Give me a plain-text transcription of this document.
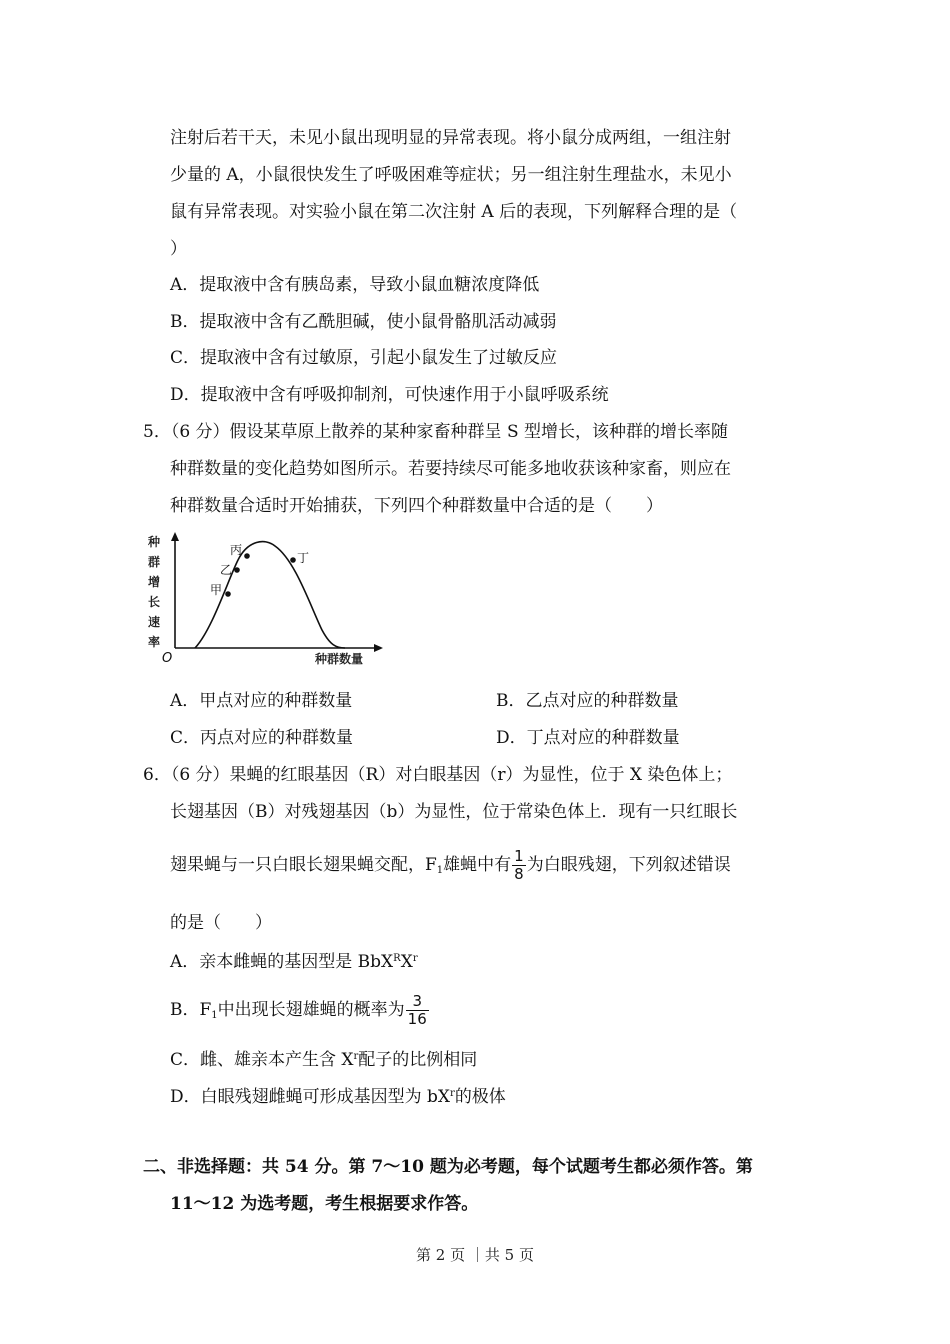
注射后若干天，未见小鼠出现明显的异常表现。将小鼠分成两组，一组注射
少量的 A，小鼠很快发生了呼吸困难等症状；另一组注射生理盐水，未见小
鼠有异常表现。对实验小鼠在第二次注射 A 后的表现，下列解释合理的是（
）
A．提取液中含有胰岛素，导致小鼠血糖浓度降低
B．提取液中含有乙酰胆碱，使小鼠骨骼肌活动减弱
C．提取液中含有过敏原，引起小鼠发生了过敏反应
D．提取液中含有呼吸抑制剂，可快速作用于小鼠呼吸系统
5．（6 分）假设某草原上散养的某种家畜种群呈 S 型增长，该种群的增长率随
种群数量的变化趋势如图所示。若要持续尽可能多地收获该种家畜，则应在
种群数量合适时开始捕获，下列四个种群数量中合适的是（　　）
种
群
增
长
速
率
O	种群数量
甲
乙
丙
丁
A．甲点对应的种群数量	B．乙点对应的种群数量
C．丙点对应的种群数量	D．丁点对应的种群数量
6．（6 分）果蝇的红眼基因（R）对白眼基因（r）为显性，位于 X 染色体上；
长翅基因（B）对残翅基因（b）为显性，位于常染色体上．现有一只红眼长
翅果蝇与一只白眼长翅果蝇交配，$F_1$雄蝇中有 $\frac{1}{8}$ 为白眼残翅，下列叙述错误
的是（　　）
A．亲本雌蝇的基因型是 $BbX^RX^r$
B．$F_1$中出现长翅雄蝇的概率为 $\frac{3}{16}$
C．雌、雄亲本产生含 $X^r$配子的比例相同
D．白眼残翅雌蝇可形成基因型为 $bX^r$的极体
二、非选择题：共 54 分。第 7～10 题为必考题，每个试题考生都必须作答。第
11～12 为选考题，考生根据要求作答。
第 2 页 ｜共 5 页
